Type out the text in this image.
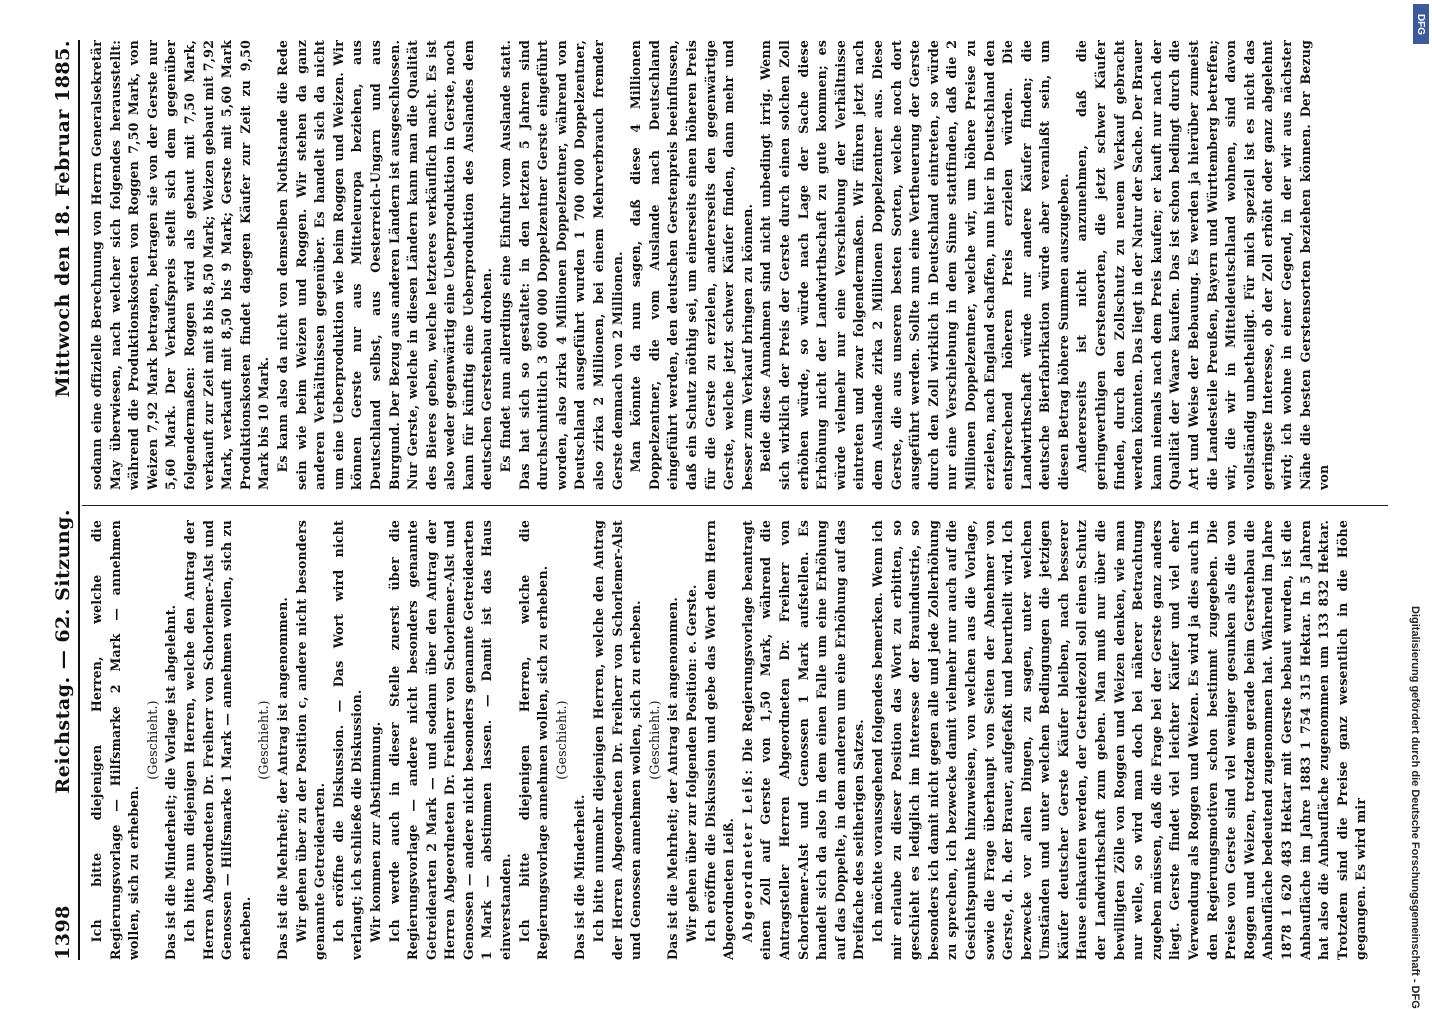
1398
Reichstag. — 62. Sitzung.
Mittwoch den 18. Februar 1885.

Ich bitte diejenigen Herren, welche die Regierungsvorlage — Hilfsmarke 2 Mark — annehmen wollen, sich zu erheben.

(Geschieht.) Das ist die Minderheit; die Vorlage ist abgelehnt. Ich bitte nun diejenigen Herren, welche den Antrag der Herren Abgeordneten Dr. Freiherr von Schorlemer-Alst und Genossen — Hilfsmarke 1 Mark — annehmen wollen, sich zu erheben.

(Geschieht.) Das ist die Mehrheit; der Antrag ist angenommen. Wir gehen über zu der Position c, andere nicht besonders genannte Getreidearten. Ich eröffne die Diskussion. — Das Wort wird nicht verlangt; ich schließe die Diskussion. Wir kommen zur Abstimmung. Ich werde auch in dieser Stelle zuerst über die Regierungsvorlage — andere nicht besonders genannte Getreidearten 2 Mark — und sodann über den Antrag der Herren Abgeordneten Dr. Freiherr von Schorlemer-Alst und Genossen — andere nicht besonders genannte Getreidearten 1 Mark — abstimmen lassen. — Damit ist das Haus einverstanden. Ich bitte diejenigen Herren, welche die Regierungsvorlage annehmen wollen, sich zu erheben. (Geschieht.)

Das ist die Minderheit. Ich bitte nunmehr diejenigen Herren, welche den Antrag der Herren Abgeordneten Dr. Freiherr von Schorlemer-Alst und Genossen annehmen wollen, sich zu erheben. (Geschieht.) Das ist die Mehrheit; der Antrag ist angenommen. Wir gehen über zur folgenden Position: e. Gerste. Ich eröffne die Diskussion und gebe das Wort dem Herrn Abgeordneten Leiß. Abgeordneter Leiß: Die Regierungsvorlage beantragt einen Zoll auf Gerste von 1,50 Mark, während die Antragsteller Herren Abgeordneten Dr. Freiherr von Schorlemer-Alst und Genossen 1 Mark aufstellen. Es handelt sich da also in dem einen Falle um eine Erhöhung auf das Doppelte, in dem anderen um eine Erhöhung auf das Dreifache des seitherigen Satzes. Ich möchte voraussgehend folgendes bemerken. Wenn ich mir erlaube zu dieser Position das Wort zu erbitten, so geschieht es lediglich im Interesse der Brauindustrie, so besonders ich damit nicht gegen alle und jede Zollerhöhung zu sprechen, ich bezwecke damit vielmehr nur auch auf die Gesichtspunkte hinzuweisen, von welchen aus die Vorlage, sowie die Frage überhaupt von Seiten der Abnehmer von Gerste, d. h. der Brauer, aufgefaßt und beurtheilt wird. Ich bezwecke vor allen Dingen, zu sagen, unter welchen Umständen und unter welchen Bedingungen die jetzigen Käufer deutscher Gerste Käufer bleiben, nach besserer Hause einkaufen werden, der Getreidezoll soll einen Schutz der Landwirthschaft zum geben. Man muß nur über die bewilligten Zölle von Roggen und Weizen denken, wie man nur welle, so wird man doch bei näherer Betrachtung zugeben müssen, daß die Frage bei der Gerste ganz anders liegt. Gerste findet viel leichter Käufer und viel eher Verwendung als Roggen und Weizen. Es wird ja dies auch in den Regierungsmotiven schon bestimmt zugegeben. Die Preise von Gerste sind viel weniger gesunken als die von Roggen und Weizen, trotzdem gerade beim Gerstenbau die Anbaufläche bedeutend zugenommen hat. Während im Jahre 1878 1 620 483 Hektar mit Gerste bebaut wurden, ist die Anbaufläche im Jahre 1883 1 754 315 Hektar. In 5 Jahren hat also die Anbaufläche zugenommen um 133 832 Hektar. Trotzdem sind die Preise ganz wesentlich in die Höhe gegangen. Es wird mir

sodann eine offizielle Berechnung von Herrn Generalsekretär May überwiesen, nach welcher sich folgendes herausstellt: während die Produktionskosten von Roggen 7,50 Mark, von Weizen 7,92 Mark betragen, betragen sie von der Gerste nur 5,60 Mark. Der Verkaufspreis stellt sich dem gegenüber folgendermaßen: Roggen wird als gebaut mit 7,50 Mark, verkauft zur Zeit mit 8 bis 8,50 Mark; Weizen gebaut mit 7,92 Mark, verkauft mit 8,50 bis 9 Mark; Gerste mit 5,60 Mark Produktionskosten findet dagegen Käufer zur Zeit zu 9,50 Mark bis 10 Mark. Es kann also da nicht von demselben Nothstande die Rede sein wie beim Weizen und Roggen. Wir stehen da ganz anderen Verhältnissen gegenüber. Es handelt sich da nicht um eine Ueberproduktion wie beim Roggen und Weizen. Wir können Gerste nur aus Mitteleuropa beziehen, aus Deutschland selbst, aus Oesterreich-Ungarn und aus Burgund. Der Bezug aus anderen Ländern ist ausgeschlossen. Nur Gerste, welche in diesen Ländern kann man die Qualität des Bieres geben, welche letzteres verkäuflich macht. Es ist also weder gegenwärtig eine Ueberproduktion in Gerste, noch kann für künftig eine Ueberproduktion des Auslandes dem deutschen Gerstenbau drohen. Es findet nun allerdings eine Einfuhr vom Auslande statt. Das hat sich so gestaltet: in den letzten 5 Jahren sind durchschnittlich 3 600 000 Doppelzentner Gerste eingeführt worden, also zirka 4 Millionen Doppelzentner, während von Deutschland ausgeführt wurden 1 700 000 Doppelzentner, also zirka 2 Millionen, bei einem Mehrverbrauch fremder Gerste demnach von 2 Millionen. Man könnte da nun sagen, daß diese 4 Millionen Doppelzentner, die vom Auslande nach Deutschland eingeführt werden, den deutschen Gerstenpreis beeinflussen, daß ein Schutz nöthig sei, um einerseits einen höheren Preis für die Gerste zu erzielen, andererseits den gegenwärtige Gerste, welche jetzt schwer Käufer finden, dann mehr und besser zum Verkauf bringen zu können. Beide diese Annahmen sind nicht unbedingt irrig. Wenn sich wirklich der Preis der Gerste durch einen solchen Zoll erhöhen würde, so würde nach Lage der Sache diese Erhöhung nicht der Landwirthschaft zu gute kommen; es würde vielmehr nur eine Verschiebung der Verhältnisse eintreten und zwar folgendermaßen. Wir führen jetzt nach dem Auslande zirka 2 Millionen Doppelzentner aus. Diese Gerste, die aus unseren besten Sorten, welche noch dort ausgeführt werden. Sollte nun eine Vertheuerung der Gerste durch den Zoll wirklich in Deutschland eintreten, so würde nur eine Verschiebung in dem Sinne stattfinden, daß die 2 Millionen Doppelzentner, welche wir, um höhere Preise zu erzielen, nach England schaffen, nun hier in Deutschland den entsprechend höheren Preis erzielen würden. Die Landwirthschaft würde nur andere Käufer finden; die deutsche Bierfabrikation würde aber veranlaßt sein, um diesen Betrag höhere Summen auszugeben. Andererseits ist nicht anzunehmen, daß die geringwerthigen Gerstensorten, die jetzt schwer Käufer finden, durch den Zollschutz zu neuem Verkauf gebracht werden könnten. Das liegt in der Natur der Sache. Der Brauer kann niemals nach dem Preis kaufen; er kauft nur nach der Qualität der Waare kaufen. Das ist schon bedingt durch die Art und Weise der Bebauung. Es werden ja hierüber zumeist die Landesteile Preußen, Bayern und Württemberg betreffen; wir, die wir in Mitteldeutschland wohnen, sind davon vollständig unbetheiligt. Für mich speziell ist es nicht das geringste Interesse, ob der Zoll erhöht oder ganz abgelehnt wird; ich wohne in einer Gegend, in der wir aus nächster Nähe die besten Gerstensorten beziehen können. Der Bezug von

DFG
Digitalisierung gefördert durch die Deutsche Forschungsgemeinschaft - DFG
